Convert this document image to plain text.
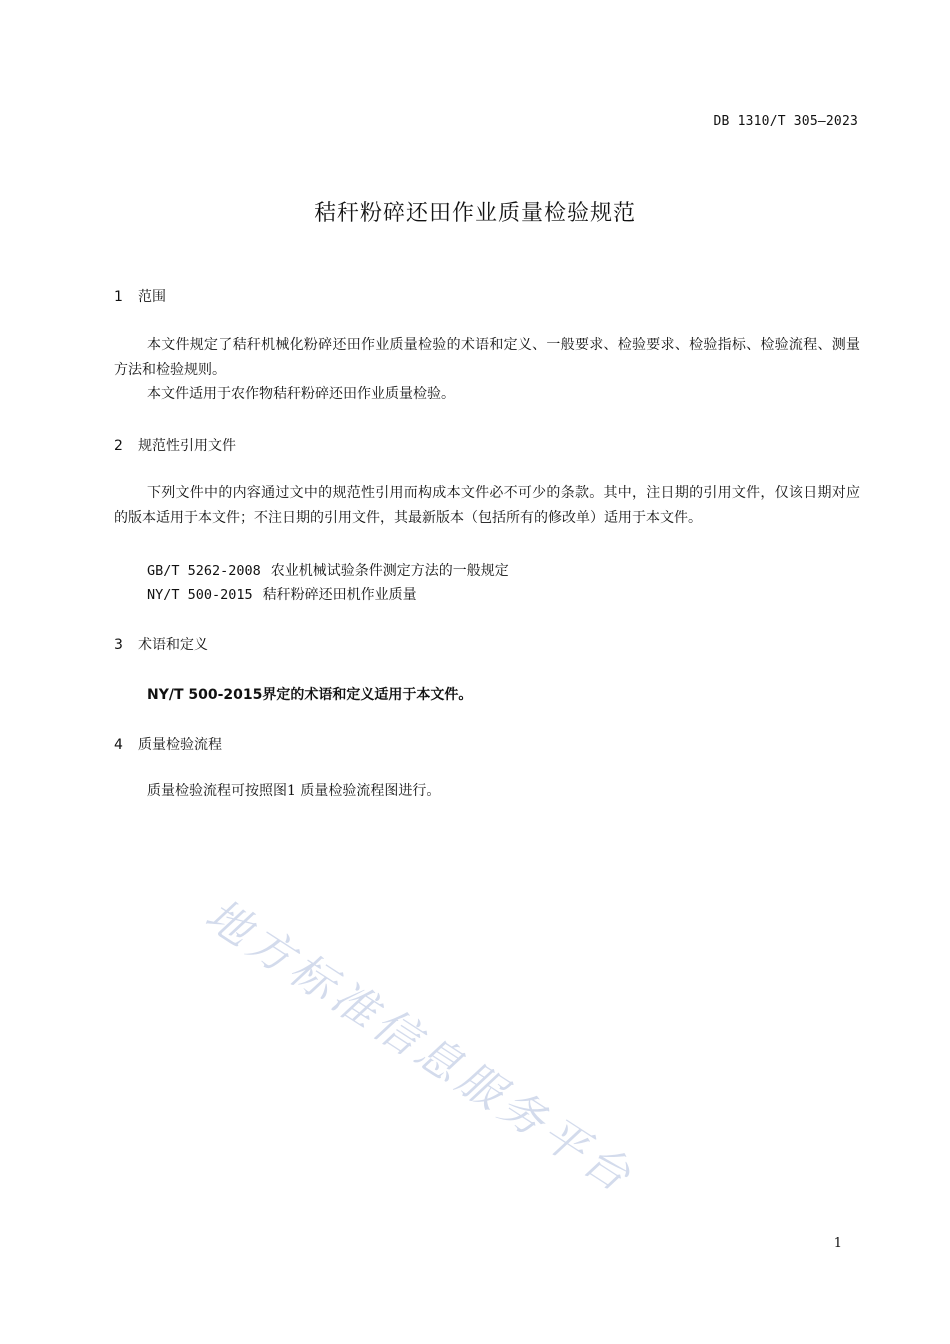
DB 1310/T 305—2023
秸秆粉碎还田作业质量检验规范
1 范围

本文件规定了秸秆机械化粉碎还田作业质量检验的术语和定义、一般要求、检验要求、检验指标、检验流程、测量方法和检验规则。

本文件适用于农作物秸秆粉碎还田作业质量检验。

2 规范性引用文件

下列文件中的内容通过文中的规范性引用而构成本文件必不可少的条款。其中，注日期的引用文件，仅该日期对应的版本适用于本文件；不注日期的引用文件，其最新版本（包括所有的修改单）适用于本文件。

GB/T 5262-2008 农业机械试验条件测定方法的一般规定
NY/T 500-2015 秸秆粉碎还田机作业质量
3 术语和定义
NY/T 500-2015界定的术语和定义适用于本文件。
4 质量检验流程

质量检验流程可按照图1 质量检验流程图进行。

地方标准信息服务平台
1
